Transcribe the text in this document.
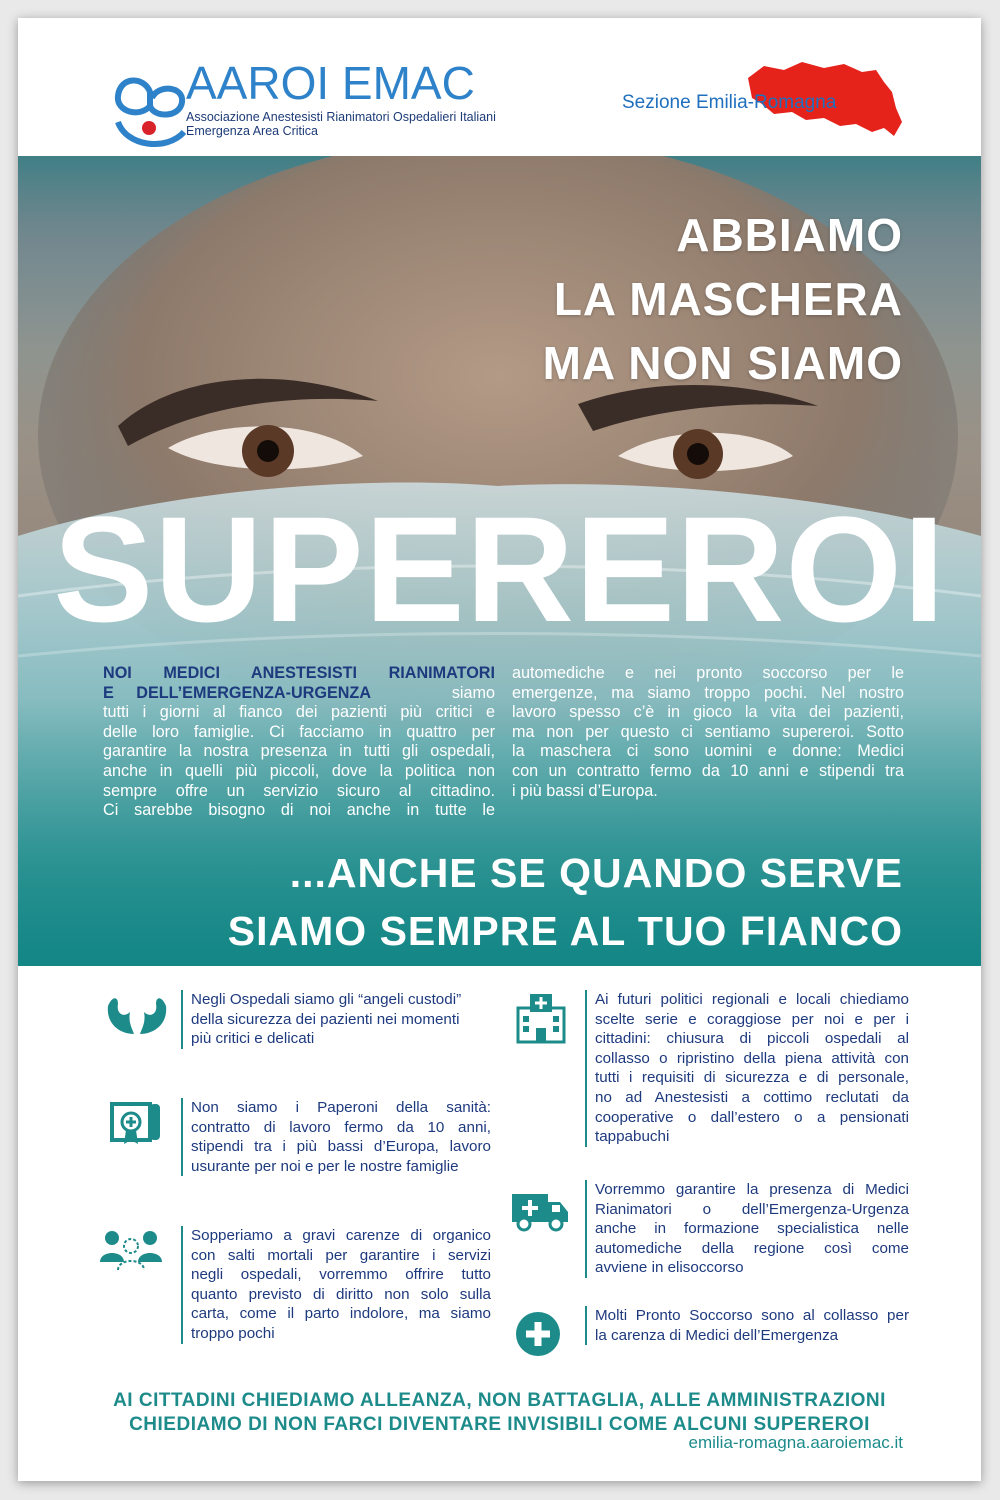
AAROI EMAC
Associazione Anestesisti Rianimatori Ospedalieri Italiani
Emergenza Area Critica
Sezione Emilia-Romagna
ABBIAMO
LA MASCHERA
MA NON SIAMO
SUPEREROI
NOI MEDICI ANESTESISTI RIANIMATORI
E DELL’EMERGENZA-URGENZA	siamo
tutti i giorni al fianco dei pazienti più critici e
delle loro famiglie. Ci facciamo in quattro per
garantire la nostra presenza in tutti gli ospedali,
anche in quelli più piccoli, dove la politica non
sempre offre un servizio sicuro al cittadino.
Ci sarebbe bisogno di noi anche in tutte le
automediche e nei pronto soccorso per le
emergenze, ma siamo troppo pochi. Nel nostro
lavoro spesso c’è in gioco la vita dei pazienti,
ma non per questo ci sentiamo supereroi. Sotto
la maschera ci sono uomini e donne: Medici
con un contratto fermo da 10 anni e stipendi tra
i più bassi d’Europa.
...ANCHE SE QUANDO SERVE
SIAMO SEMPRE AL TUO FIANCO
Negli Ospedali siamo gli “angeli custodi”
della sicurezza dei pazienti nei momenti
più critici e delicati
Non siamo i Paperoni della sanità:
contratto di lavoro fermo da 10 anni,
stipendi tra i più bassi d’Europa, lavoro
usurante per noi e per le nostre famiglie
Sopperiamo a gravi carenze di organico
con salti mortali per garantire i servizi
negli ospedali, vorremmo offrire tutto
quanto previsto di diritto non solo sulla
carta, come il parto indolore, ma siamo
troppo pochi
Ai futuri politici regionali e locali chiediamo
scelte serie e coraggiose per noi e per i
cittadini: chiusura di piccoli ospedali al
collasso o ripristino della piena attività con
tutti i requisiti di sicurezza e di personale,
no ad Anestesisti a cottimo reclutati da
cooperative o dall’estero o a pensionati
tappabuchi
Vorremmo garantire la presenza di Medici
Rianimatori o dell’Emergenza-Urgenza
anche in formazione specialistica nelle
automediche della regione così come
avviene in elisoccorso
Molti Pronto Soccorso sono al collasso per
la carenza di Medici dell’Emergenza
AI CITTADINI CHIEDIAMO ALLEANZA, NON BATTAGLIA, ALLE AMMINISTRAZIONI
CHIEDIAMO DI NON FARCI DIVENTARE INVISIBILI COME ALCUNI SUPEREROI
emilia-romagna.aaroiemac.it
